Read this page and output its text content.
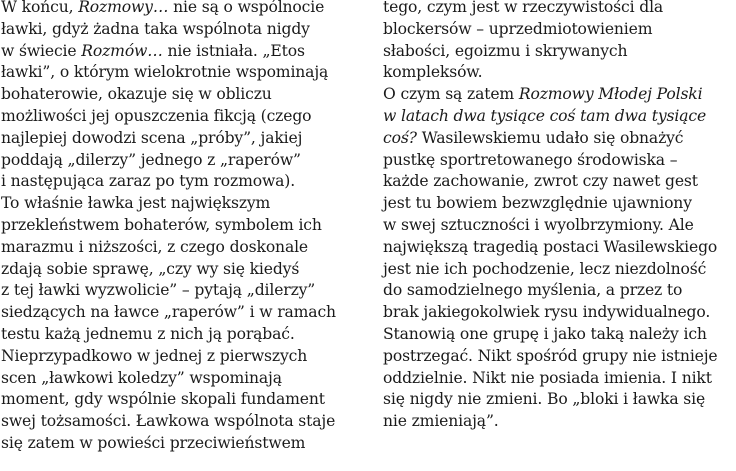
W końcu, Rozmowy… nie są o wspólnocie
ławki, gdyż żadna taka wspólnota nigdy
w świecie Rozmów… nie istniała. „Etos
ławki”, o którym wielokrotnie wspominają
bohaterowie, okazuje się w obliczu
możliwości jej opuszczenia fikcją (czego
najlepiej dowodzi scena „próby”, jakiej
poddają „dilerzy” jednego z „raperów”
i następująca zaraz po tym rozmowa).
To właśnie ławka jest największym
przekleństwem bohaterów, symbolem ich
marazmu i niższości, z czego doskonale
zdają sobie sprawę, „czy wy się kiedyś
z tej ławki wyzwolicie” – pytają „dilerzy”
siedzących na ławce „raperów” i w ramach
testu każą jednemu z nich ją porąbać.
Nieprzypadkowo w jednej z pierwszych
scen „ławkowi koledzy” wspominają
moment, gdy wspólnie skopali fundament
swej tożsamości. Ławkowa wspólnota staje
się zatem w powieści przeciwieństwem
tego, czym jest w rzeczywistości dla
blockersów – uprzedmiotowieniem
słabości, egoizmu i skrywanych
kompleksów.
O czym są zatem Rozmowy Młodej Polski
w latach dwa tysiące coś tam dwa tysiące
coś? Wasilewskiemu udało się obnażyć
pustkę sportretowanego środowiska –
każde zachowanie, zwrot czy nawet gest
jest tu bowiem bezwzględnie ujawniony
w swej sztuczności i wyolbrzymiony. Ale
największą tragedią postaci Wasilewskiego
jest nie ich pochodzenie, lecz niezdolność
do samodzielnego myślenia, a przez to
brak jakiegokolwiek rysu indywidualnego.
Stanowią one grupę i jako taką należy ich
postrzegać. Nikt spośród grupy nie istnieje
oddzielnie. Nikt nie posiada imienia. I nikt
się nigdy nie zmieni. Bo „bloki i ławka się
nie zmieniają”.
